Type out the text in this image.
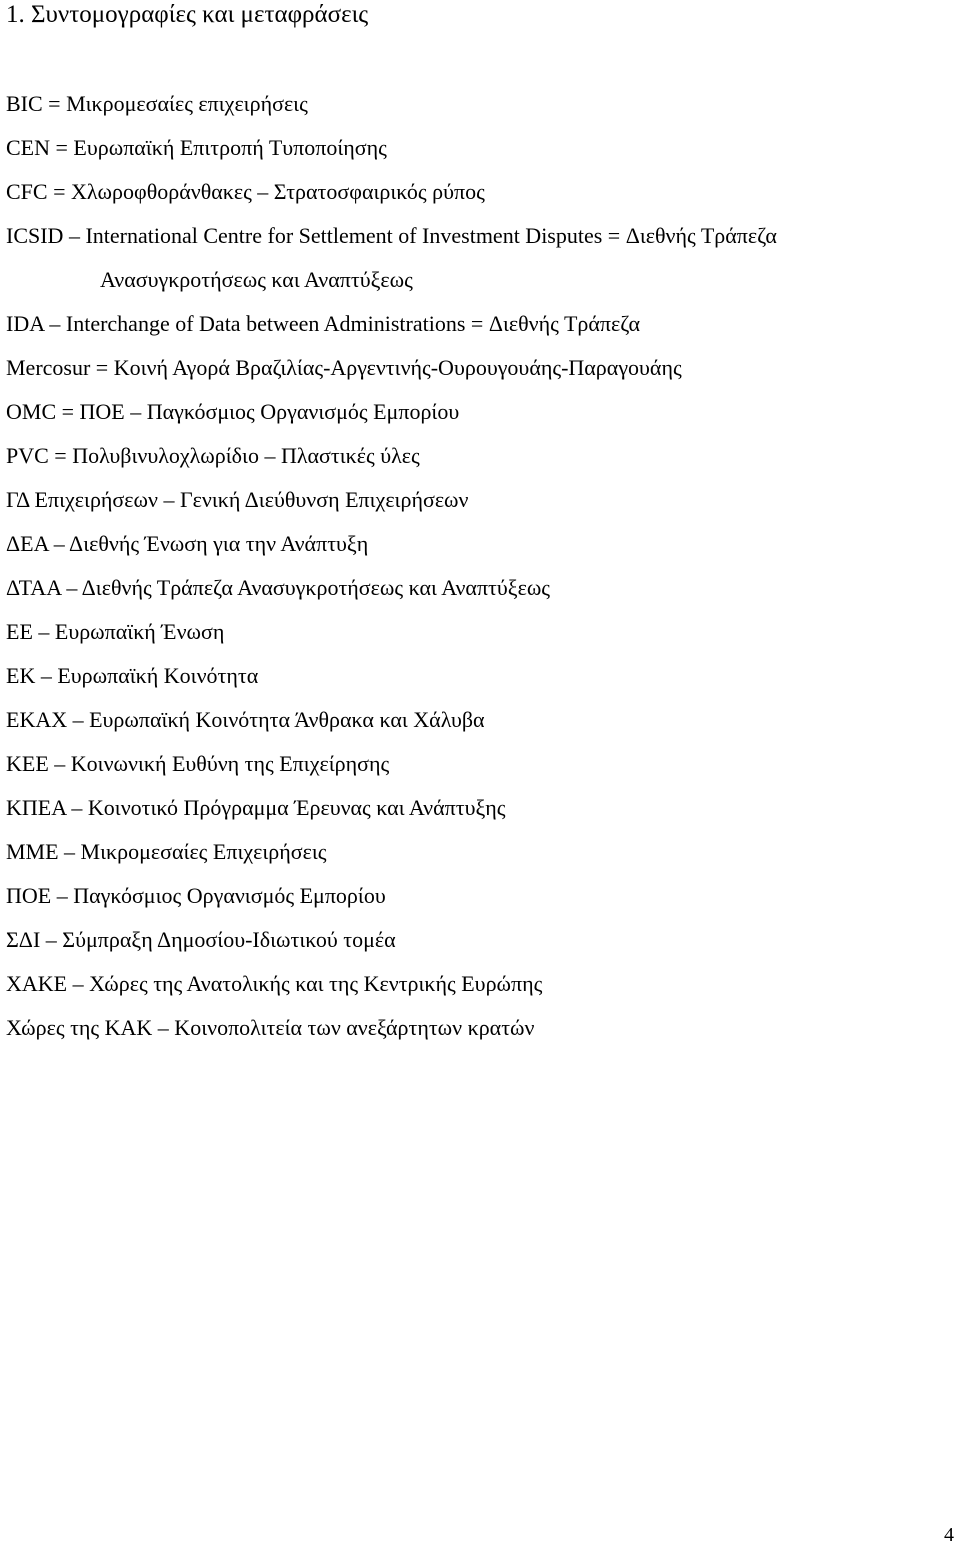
1. Συντομογραφίες και μεταφράσεις
BIC = Μικρομεσαίες επιχειρήσεις
CEN = Ευρωπαϊκή Επιτροπή Τυποποίησης
CFC = Χλωροφθοράνθακες – Στρατοσφαιρικός ρύπος
ICSID – International Centre for Settlement of Investment Disputes = Διεθνής Τράπεζα
Ανασυγκροτήσεως και Αναπτύξεως
IDA – Interchange of Data between Administrations = Διεθνής Τράπεζα
Mercosur = Κοινή Αγορά Βραζιλίας-Αργεντινής-Ουρουγουάης-Παραγουάης
OMC = ΠΟΕ – Παγκόσμιος Οργανισμός Εμπορίου
PVC = Πολυβινυλοχλωρίδιο – Πλαστικές ύλες
ΓΔ Επιχειρήσεων – Γενική Διεύθυνση Επιχειρήσεων
ΔΕΑ – Διεθνής Ένωση για την Ανάπτυξη
ΔΤΑΑ – Διεθνής Τράπεζα Ανασυγκροτήσεως και Αναπτύξεως
ΕΕ – Ευρωπαϊκή Ένωση
ΕΚ – Ευρωπαϊκή Κοινότητα
ΕΚΑΧ – Ευρωπαϊκή Κοινότητα Άνθρακα και Χάλυβα
ΚΕΕ – Κοινωνική Ευθύνη της Επιχείρησης
ΚΠΕΑ – Κοινοτικό Πρόγραμμα Έρευνας και Ανάπτυξης
ΜΜΕ – Μικρομεσαίες Επιχειρήσεις
ΠΟΕ – Παγκόσμιος Οργανισμός Εμπορίου
ΣΔΙ – Σύμπραξη Δημοσίου-Ιδιωτικού τομέα
ΧΑΚΕ – Χώρες της Ανατολικής και της Κεντρικής Ευρώπης
Χώρες της ΚΑΚ – Κοινοπολιτεία των ανεξάρτητων κρατών
4
